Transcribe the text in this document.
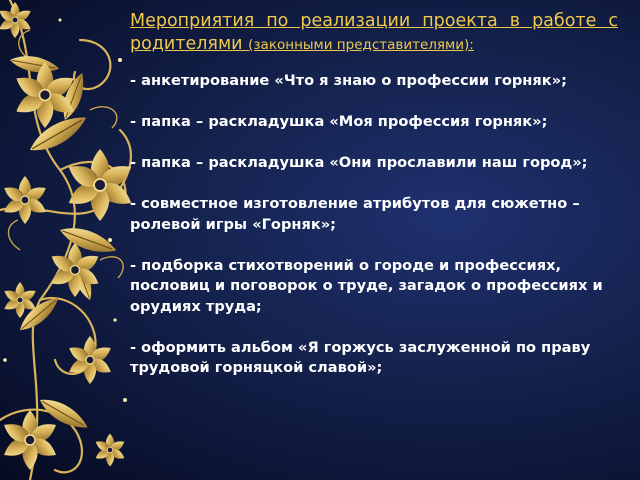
Мероприятия по реализации проекта в работе с родителями (законными представителями):
- анкетирование «Что я знаю о профессии горняк»;
- папка – раскладушка «Моя профессия горняк»;
- папка – раскладушка «Они прославили наш город»;
- совместное изготовление атрибутов для сюжетно – ролевой игры «Горняк»;
- подборка стихотворений о городе и профессиях, пословиц и поговорок о труде, загадок о профессиях и орудиях труда;
- оформить альбом «Я горжусь заслуженной по праву трудовой горняцкой славой»;
